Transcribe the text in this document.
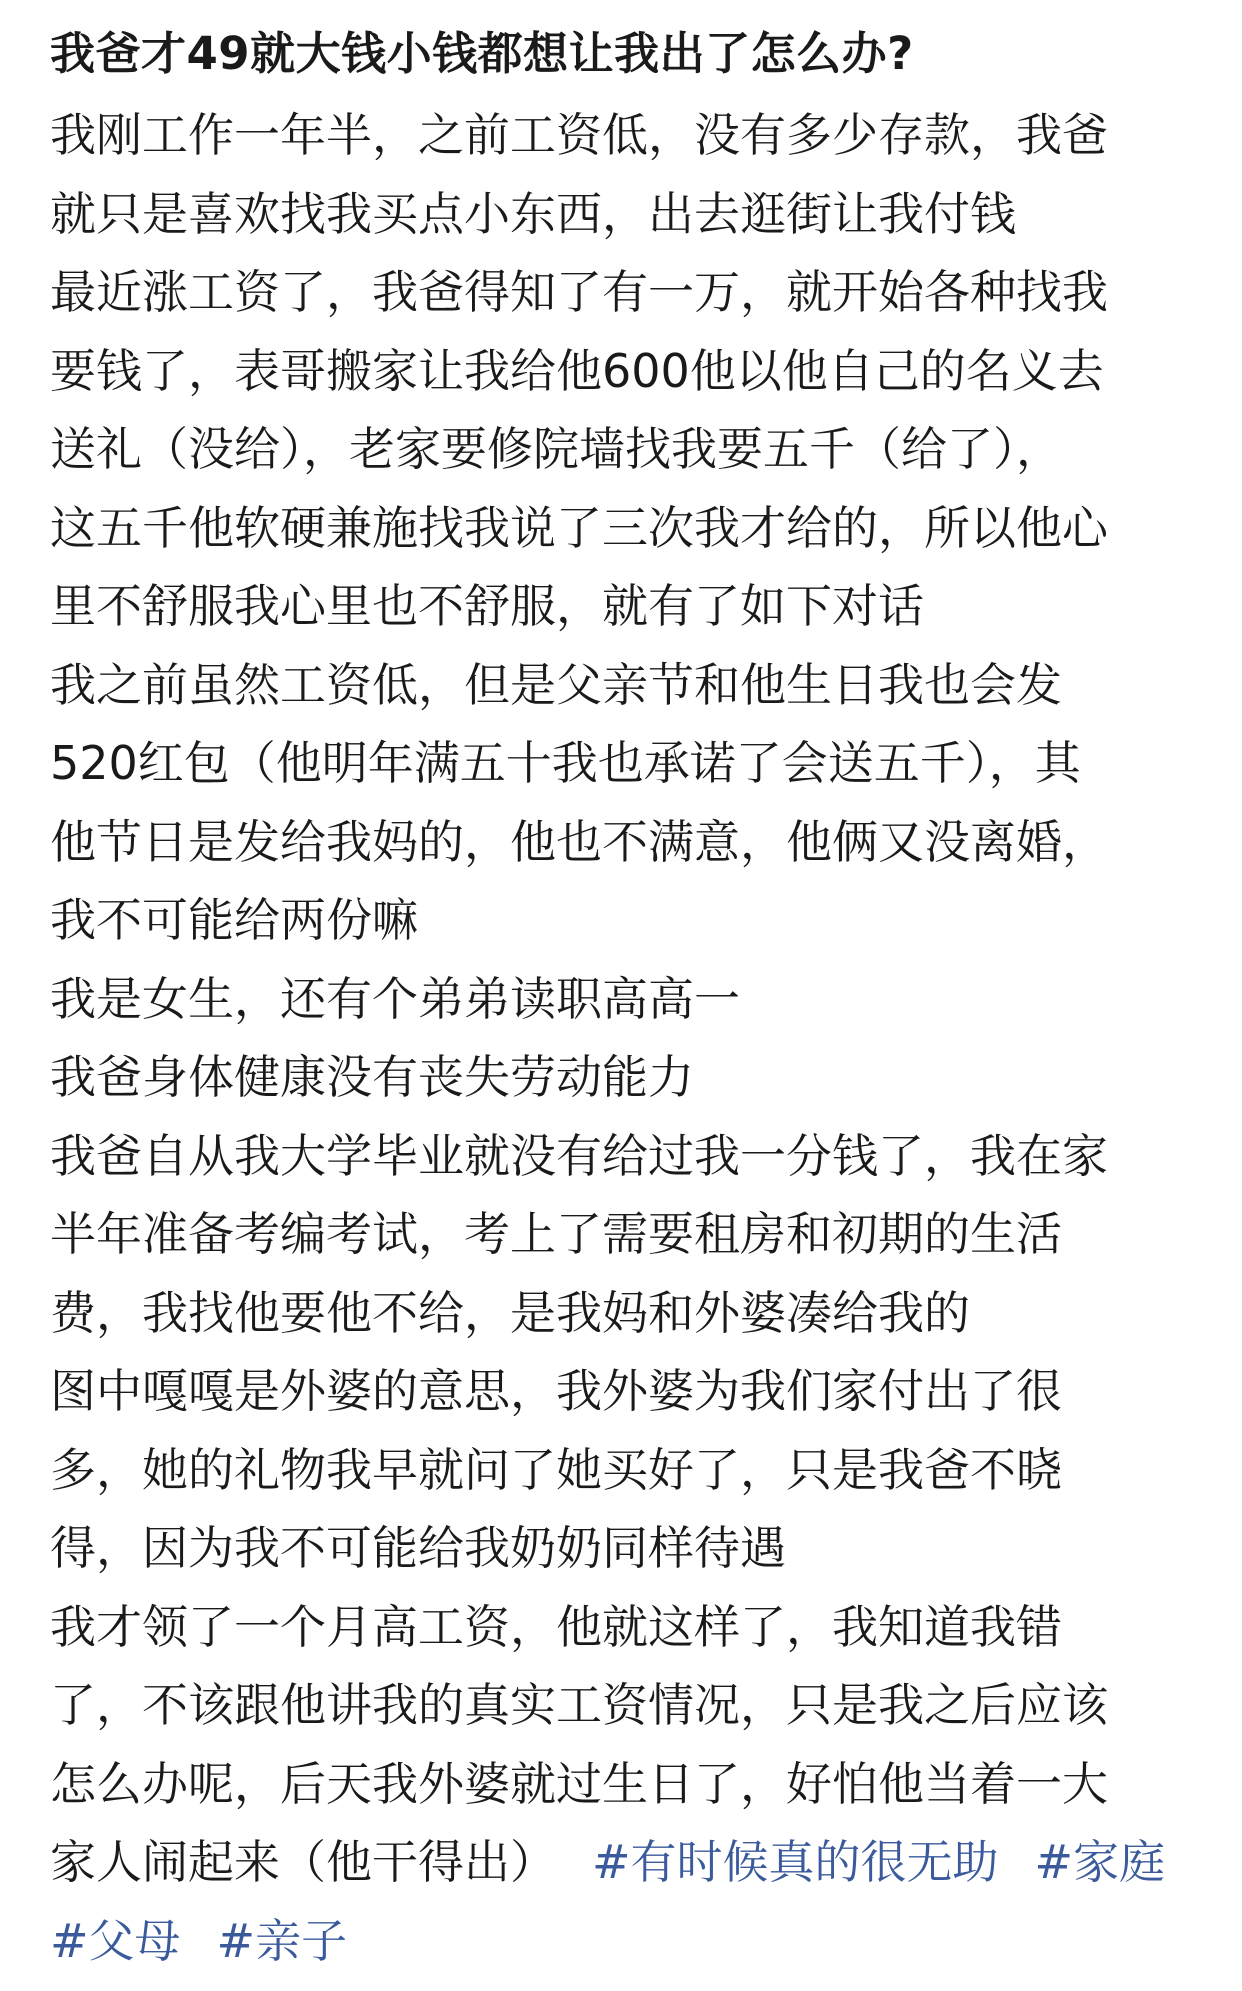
我爸才49就大钱小钱都想让我出了怎么办?

我刚工作一年半，之前工资低，没有多少存款，我爸
就只是喜欢找我买点小东西，出去逛街让我付钱

最近涨工资了，我爸得知了有一万，就开始各种找我
要钱了，表哥搬家让我给他600他以他自己的名义去
送礼（没给），老家要修院墙找我要五千（给了），
这五千他软硬兼施找我说了三次我才给的，所以他心
里不舒服我心里也不舒服，就有了如下对话

我之前虽然工资低，但是父亲节和他生日我也会发
520红包（他明年满五十我也承诺了会送五千），其
他节日是发给我妈的，他也不满意，他俩又没离婚，
我不可能给两份嘛

我是女生，还有个弟弟读职高高一

我爸身体健康没有丧失劳动能力

我爸自从我大学毕业就没有给过我一分钱了，我在家
半年准备考编考试，考上了需要租房和初期的生活
费，我找他要他不给，是我妈和外婆凑给我的

图中嘎嘎是外婆的意思，我外婆为我们家付出了很
多，她的礼物我早就问了她买好了，只是我爸不晓
得，因为我不可能给我奶奶同样待遇

我才领了一个月高工资，他就这样了，我知道我错
了，不该跟他讲我的真实工资情况，只是我之后应该
怎么办呢，后天我外婆就过生日了，好怕他当着一大

家人闹起来（他干得出） #有时候真的很无助 #家庭

#父母 #亲子
